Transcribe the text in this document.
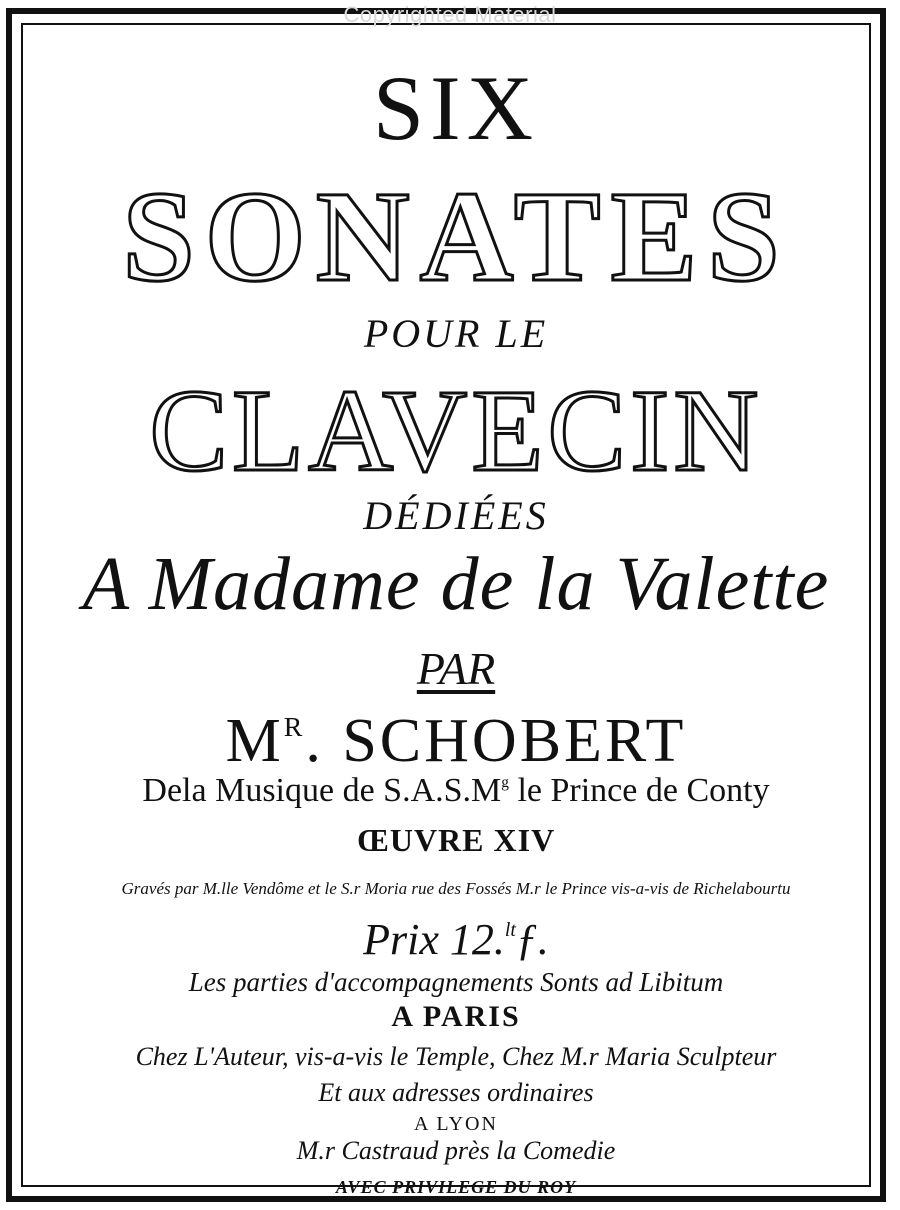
Copyrighted Material
SIX
SONATES
POUR LE
CLAVECIN
DÉDIÉES
A Madame de la Valette
PAR
$M^R$. SCHOBERT
Dela Musique de $S.A.S.M^g$ le Prince de Conty
ŒUVRE XIV
Gravés par M.lle Vendôme et le S.r Moria rue des Fossés M.r le Prince vis-a-vis de Richelabourtu
Prix 12.$^{lt}$ƒ.
Les parties d'accompagnements Sonts ad Libitum
A PARIS
Chez L'Auteur, vis-a-vis le Temple, Chez M.r Maria Sculpteur
Et aux adresses ordinaires
A LYON
M.r Castraud près la Comedie
AVEC PRIVILEGE DU ROY
